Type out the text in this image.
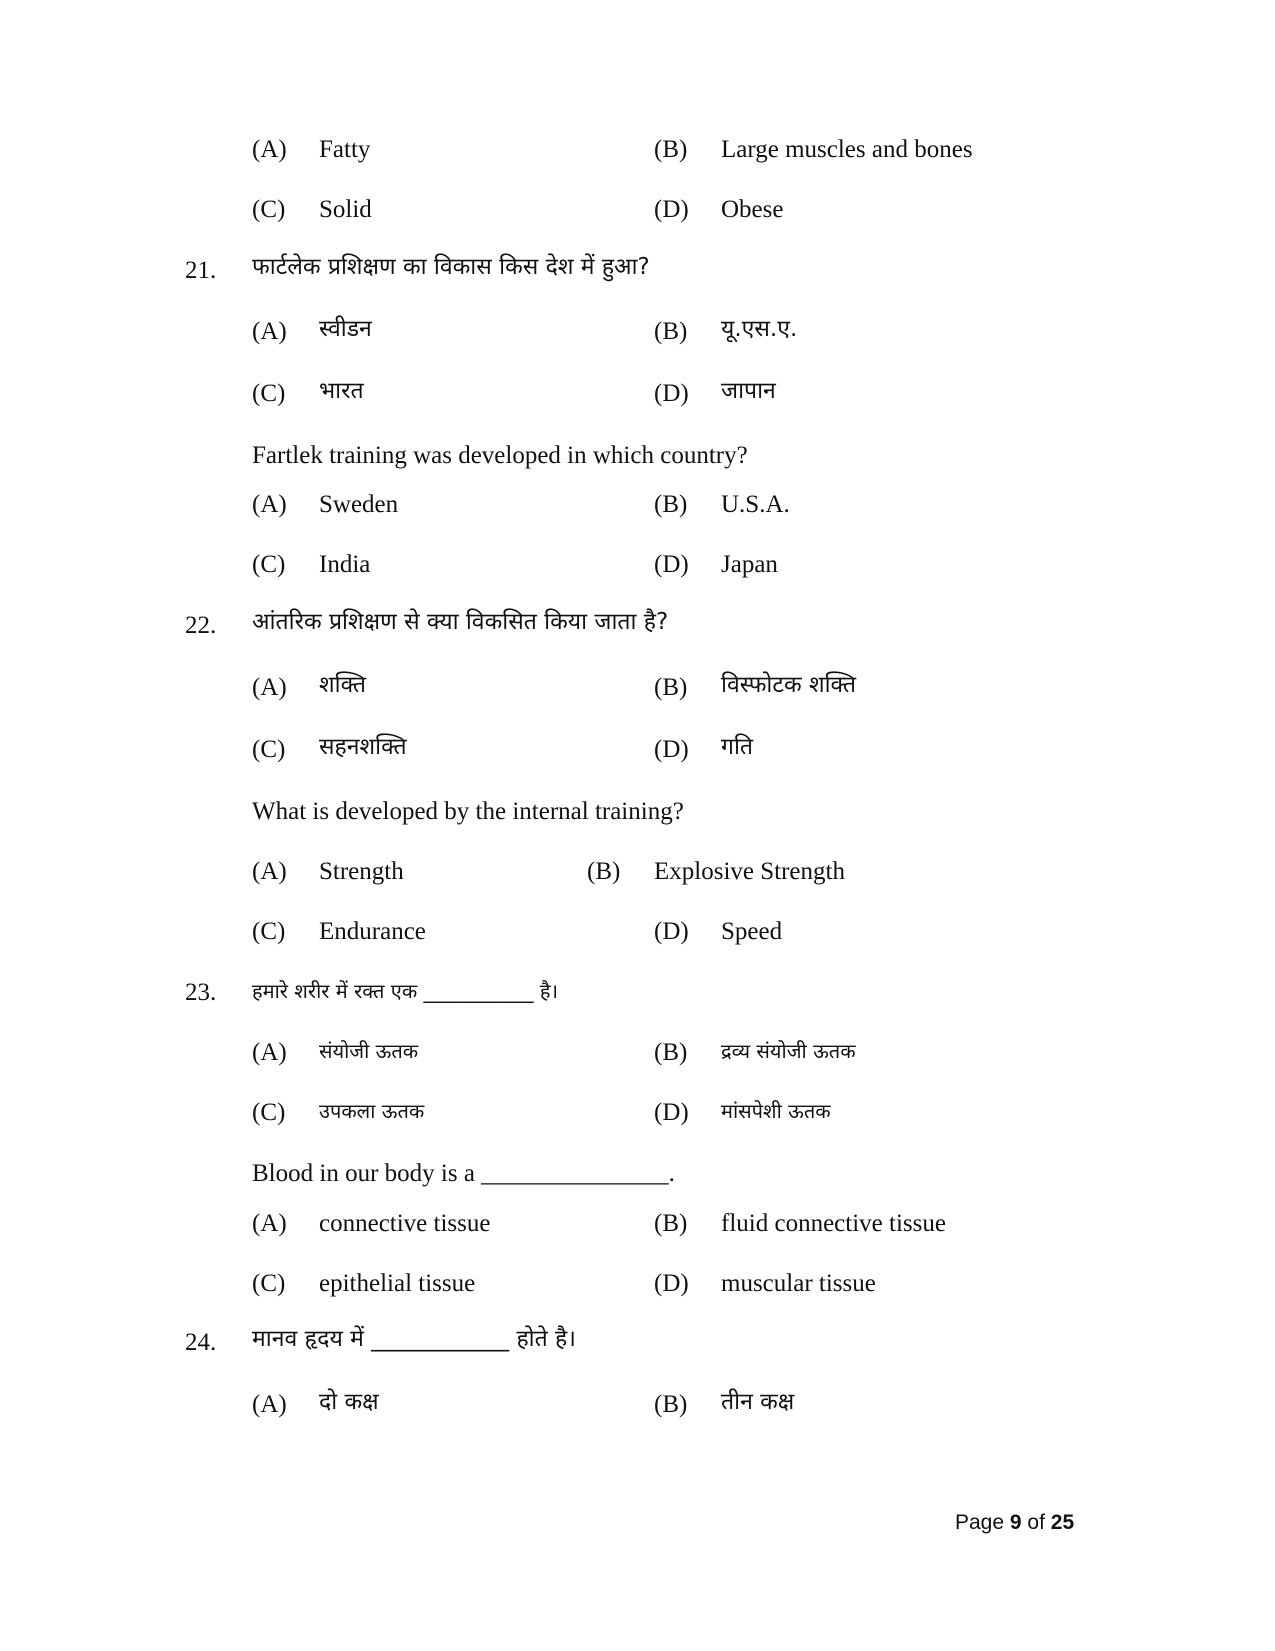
(A) Fatty	(B) Large muscles and bones
(C) Solid	(D) Obese
21. फार्टलेक प्रशिक्षण का विकास किस देश में हुआ?
(A) स्वीडन	(B) यू.एस.ए.
(C) भारत	(D) जापान
Fartlek training was developed in which country?
(A) Sweden	(B) U.S.A.
(C) India	(D) Japan
22. आंतरिक प्रशिक्षण से क्या विकसित किया जाता है?
(A) शक्ति	(B) विस्फोटक शक्ति
(C) सहनशक्ति	(D) गति
What is developed by the internal training?
(A) Strength	(B) Explosive Strength
(C) Endurance	(D) Speed
23. हमारे शरीर में रक्त एक ___________ है।
(A) संयोजी ऊतक	(B) द्रव्य संयोजी ऊतक
(C) उपकला ऊतक	(D) मांसपेशी ऊतक
Blood in our body is a _______________.
(A) connective tissue	(B) fluid connective tissue
(C) epithelial tissue	(D) muscular tissue
24. मानव हृदय में ____________ होते है।
(A) दो कक्ष	(B) तीन कक्ष
Page 9 of 25
